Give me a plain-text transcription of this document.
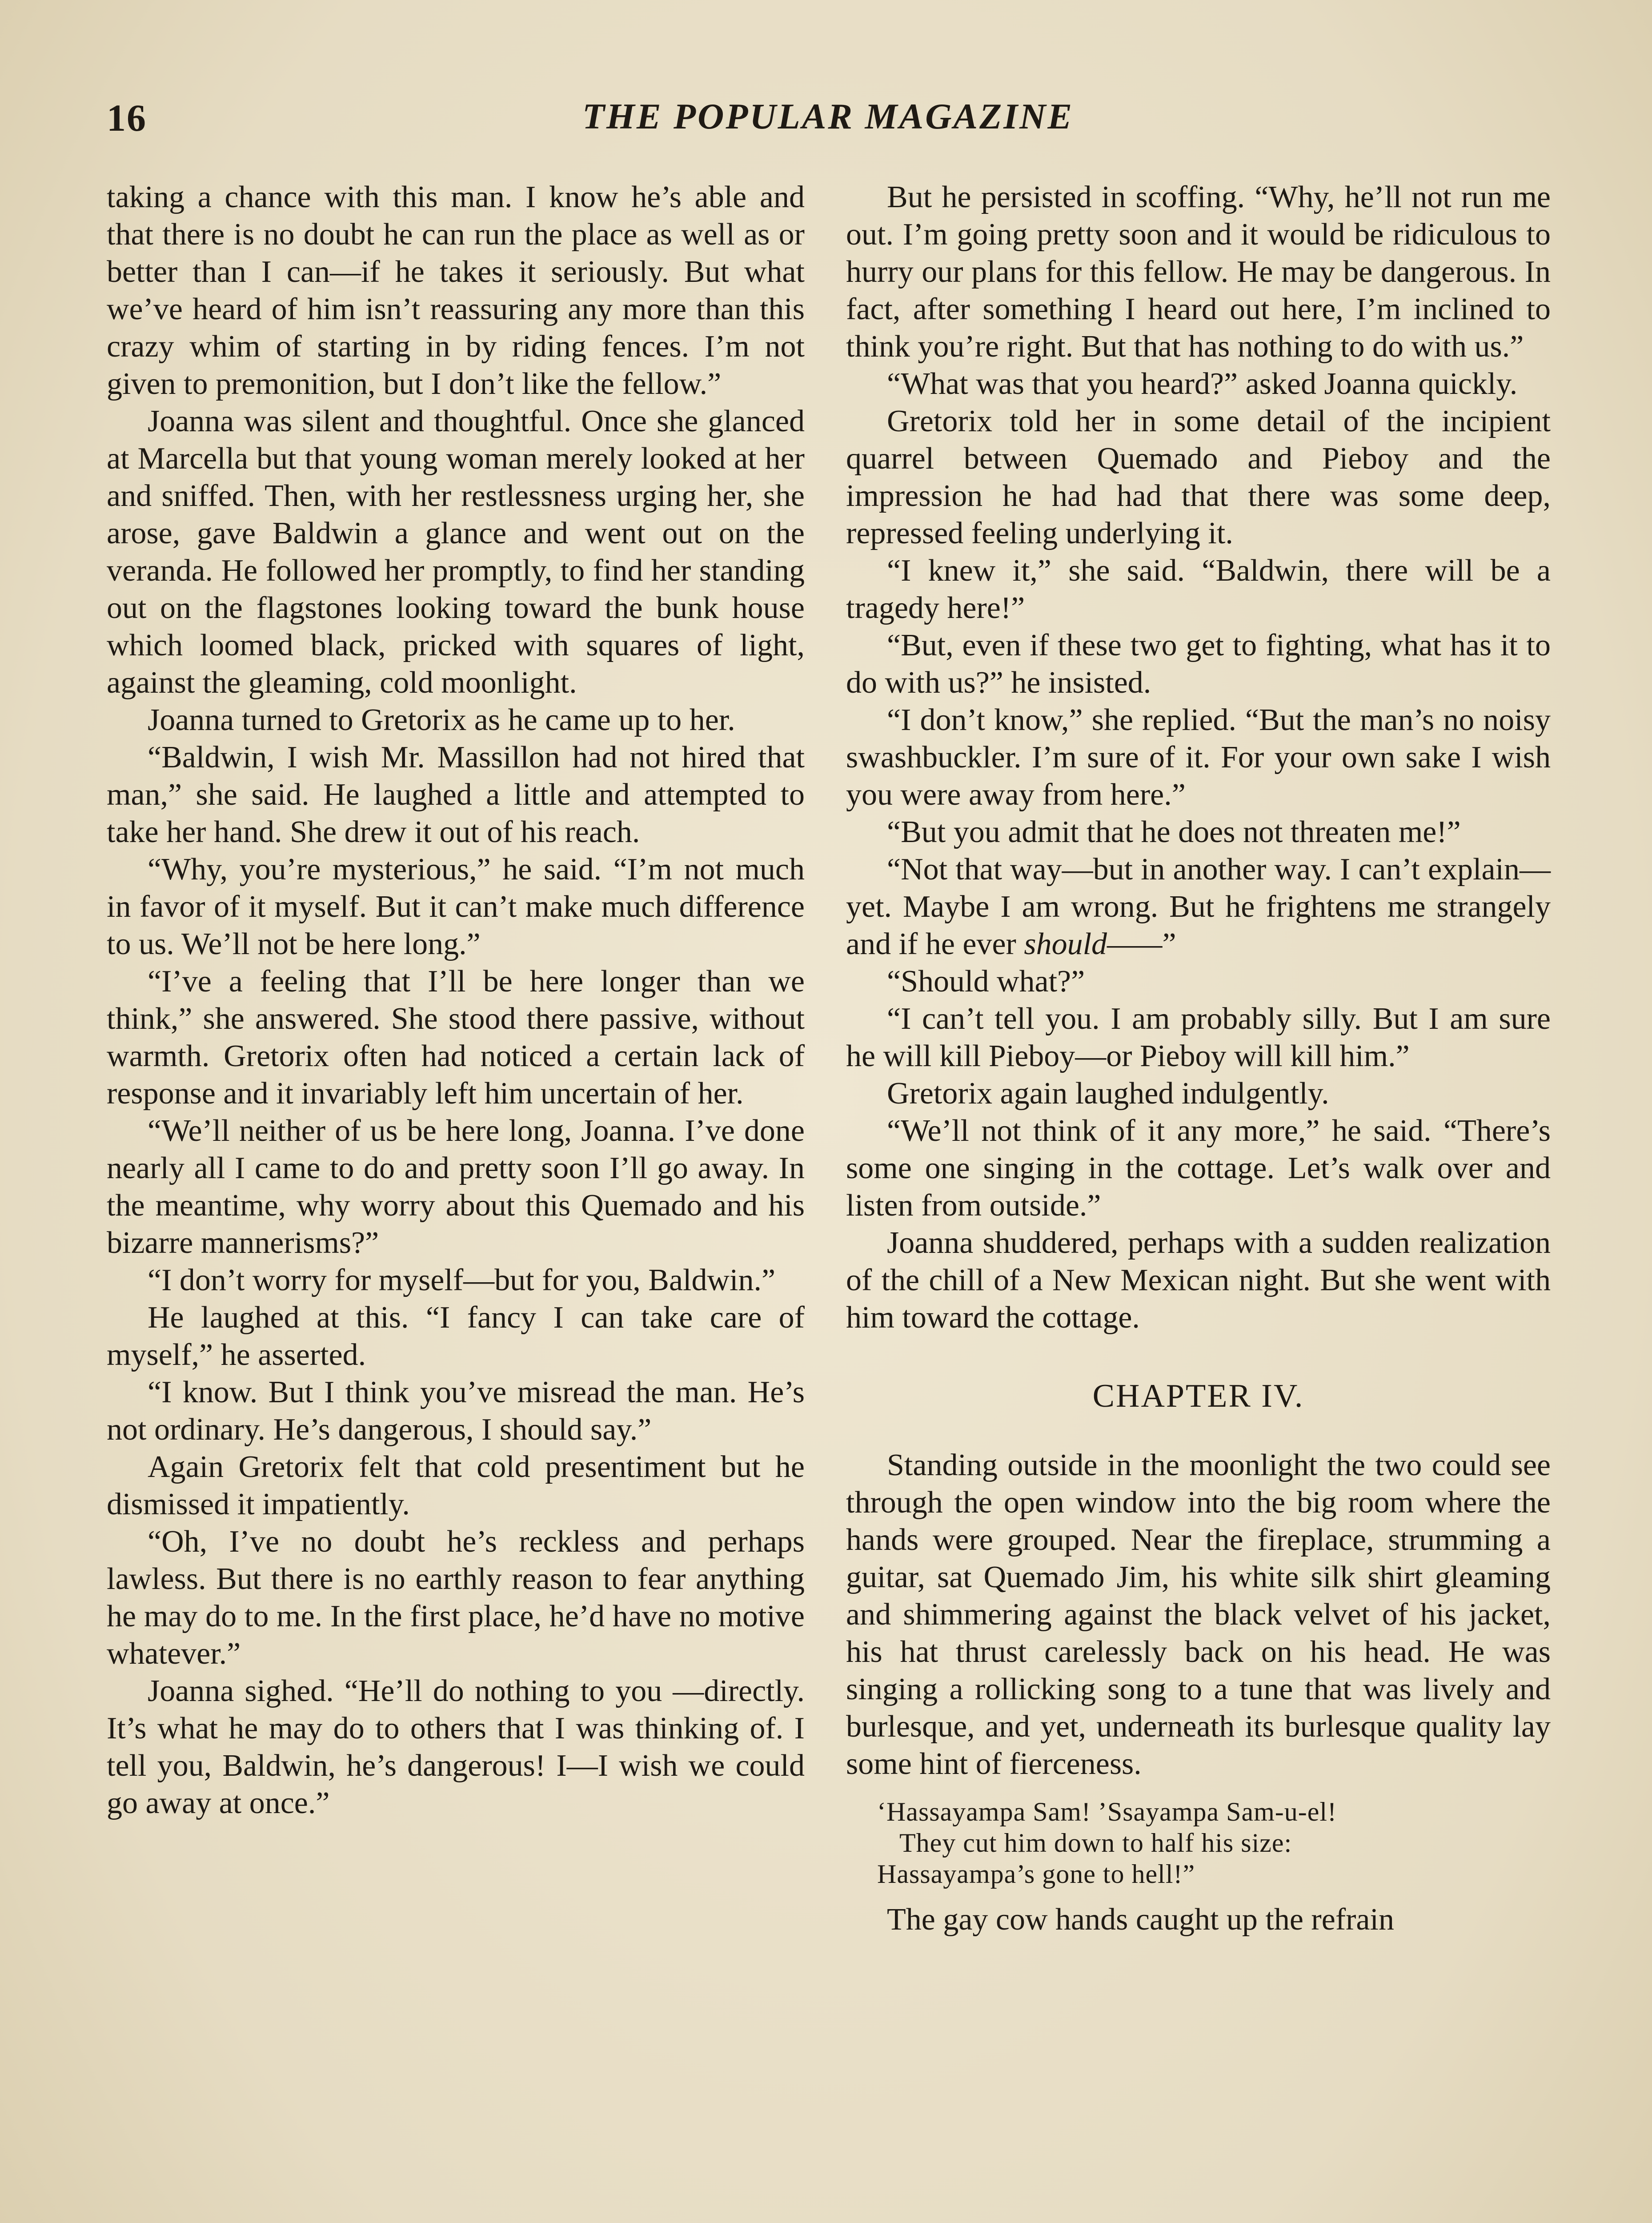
16	THE POPULAR MAGAZINE

taking a chance with this man. I know he’s able and that there is no doubt he can run the place as well as or better than I can—if he takes it seriously. But what we’ve heard of him isn’t reassuring any more than this crazy whim of starting in by riding fences. I’m not given to premonition, but I don’t like the fellow.”

Joanna was silent and thoughtful. Once she glanced at Marcella but that young woman merely looked at her and sniffed. Then, with her restlessness urging her, she arose, gave Baldwin a glance and went out on the veranda. He followed her promptly, to find her standing out on the flagstones looking toward the bunk house which loomed black, pricked with squares of light, against the gleaming, cold moonlight.

Joanna turned to Gretorix as he came up to her.

“Baldwin, I wish Mr. Massillon had not hired that man,” she said. He laughed a little and attempted to take her hand. She drew it out of his reach.

“Why, you’re mysterious,” he said. “I’m not much in favor of it myself. But it can’t make much difference to us. We’ll not be here long.”

“I’ve a feeling that I’ll be here longer than we think,” she answered. She stood there passive, without warmth. Gretorix often had noticed a certain lack of response and it invariably left him uncertain of her.

“We’ll neither of us be here long, Joanna. I’ve done nearly all I came to do and pretty soon I’ll go away. In the meantime, why worry about this Quemado and his bizarre mannerisms?”

“I don’t worry for myself—but for you, Baldwin.”

He laughed at this. “I fancy I can take care of myself,” he asserted.

“I know. But I think you’ve misread the man. He’s not ordinary. He’s dangerous, I should say.”

Again Gretorix felt that cold presentiment but he dismissed it impatiently.

“Oh, I’ve no doubt he’s reckless and perhaps lawless. But there is no earthly reason to fear anything he may do to me. In the first place, he’d have no motive whatever.”

Joanna sighed. “He’ll do nothing to you —directly. It’s what he may do to others that I was thinking of. I tell you, Baldwin, he’s dangerous! I—I wish we could go away at once.”

But he persisted in scoffing. “Why, he’ll not run me out. I’m going pretty soon and it would be ridiculous to hurry our plans for this fellow. He may be dangerous. In fact, after something I heard out here, I’m inclined to think you’re right. But that has nothing to do with us.”

“What was that you heard?” asked Joanna quickly.

Gretorix told her in some detail of the incipient quarrel between Quemado and Pieboy and the impression he had had that there was some deep, repressed feeling underlying it.

“I knew it,” she said. “Baldwin, there will be a tragedy here!”

“But, even if these two get to fighting, what has it to do with us?” he insisted.

“I don’t know,” she replied. “But the man’s no noisy swashbuckler. I’m sure of it. For your own sake I wish you were away from here.”

“But you admit that he does not threaten me!”

“Not that way—but in another way. I can’t explain—yet. Maybe I am wrong. But he frightens me strangely and if he ever should——”

“Should what?”

“I can’t tell you. I am probably silly. But I am sure he will kill Pieboy—or Pieboy will kill him.”

Gretorix again laughed indulgently.

“We’ll not think of it any more,” he said. “There’s some one singing in the cottage. Let’s walk over and listen from outside.”

Joanna shuddered, perhaps with a sudden realization of the chill of a New Mexican night. But she went with him toward the cottage.

CHAPTER IV.

Standing outside in the moonlight the two could see through the open window into the big room where the hands were grouped. Near the fireplace, strumming a guitar, sat Quemado Jim, his white silk shirt gleaming and shimmering against the black velvet of his jacket, his hat thrust carelessly back on his head. He was singing a rollicking song to a tune that was lively and burlesque, and yet, underneath its burlesque quality lay some hint of fierceness.

‘Hassayampa Sam! ’Ssayampa Sam-u-el!
They cut him down to half his size:
Hassayampa’s gone to hell!”

The gay cow hands caught up the refrain
